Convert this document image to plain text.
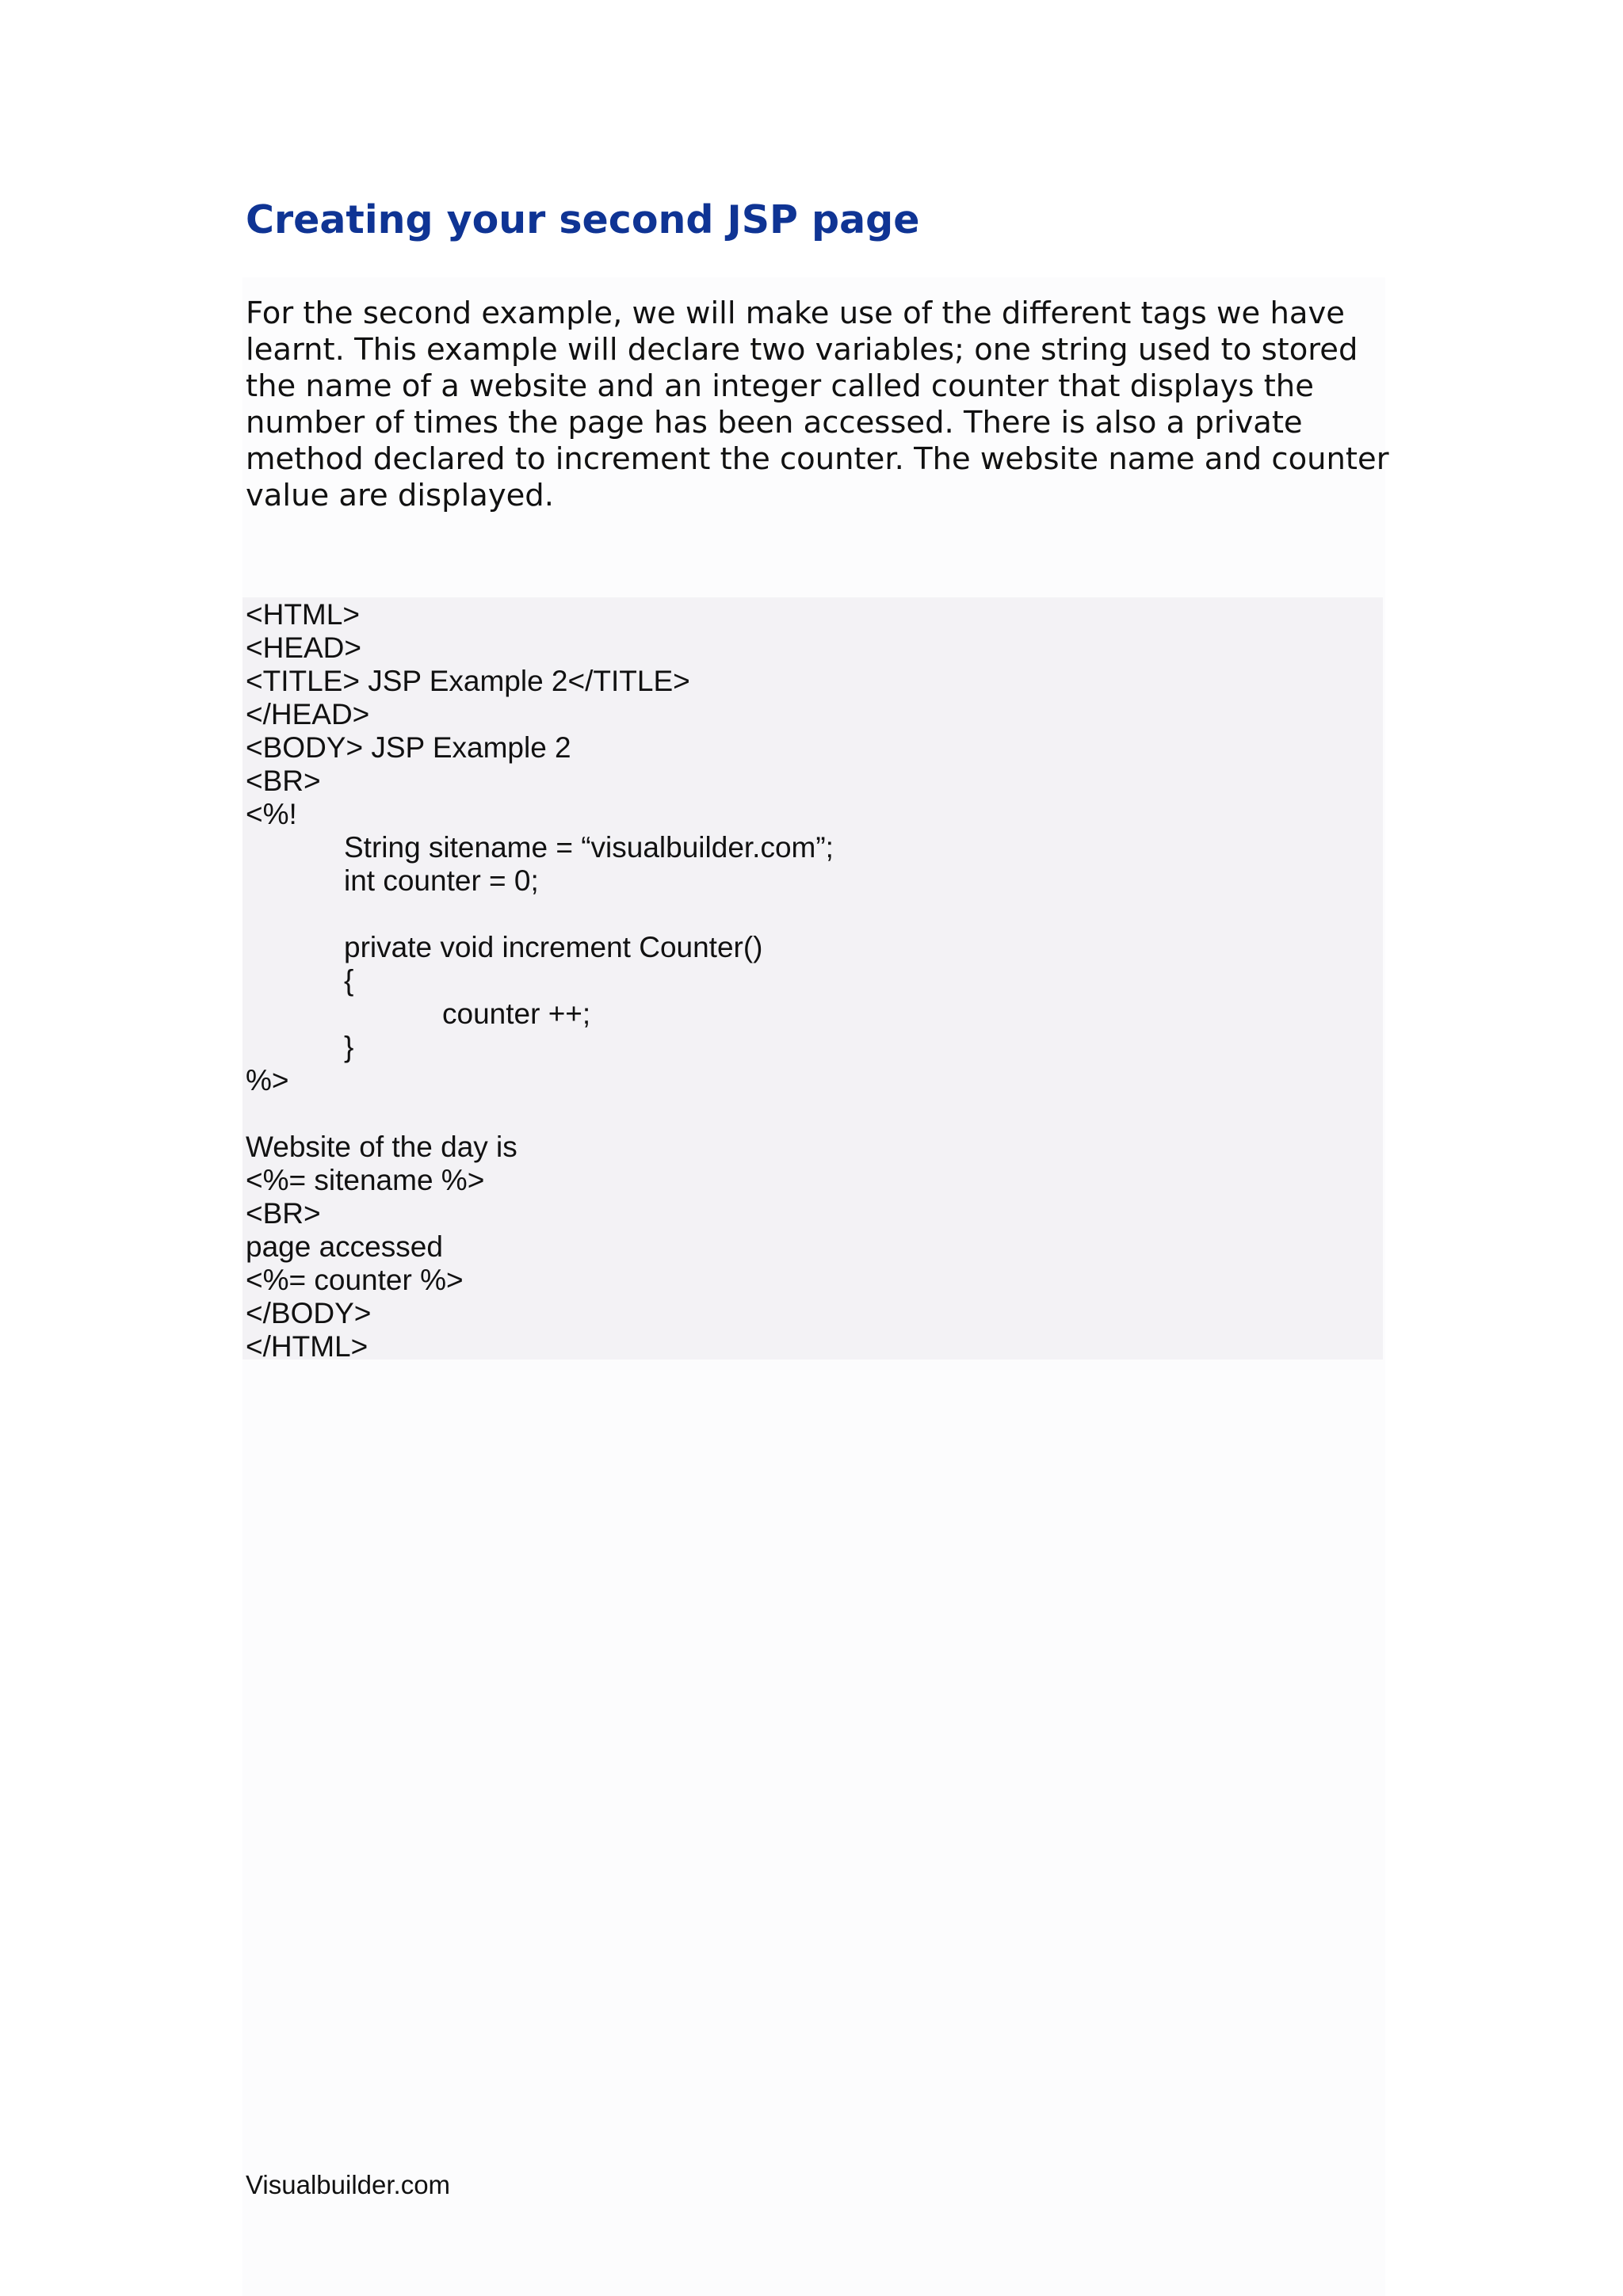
Creating your second JSP page
For the second example, we will make use of the different tags we have
learnt. This example will declare two variables; one string used to stored
the name of a website and an integer called counter that displays the
number of times the page has been accessed. There is also a private
method declared to increment the counter. The website name and counter
value are displayed.
<HTML>
<HEAD>
<TITLE> JSP Example 2</TITLE>
</HEAD>
<BODY> JSP Example 2
<BR>
<%!
String sitename = “visualbuilder.com”;
int counter = 0;
private void increment Counter()
{
counter ++;
}
%>
Website of the day is
<%= sitename %>
<BR>
page accessed
<%= counter %>
</BODY>
</HTML>

Visualbuilder.com
